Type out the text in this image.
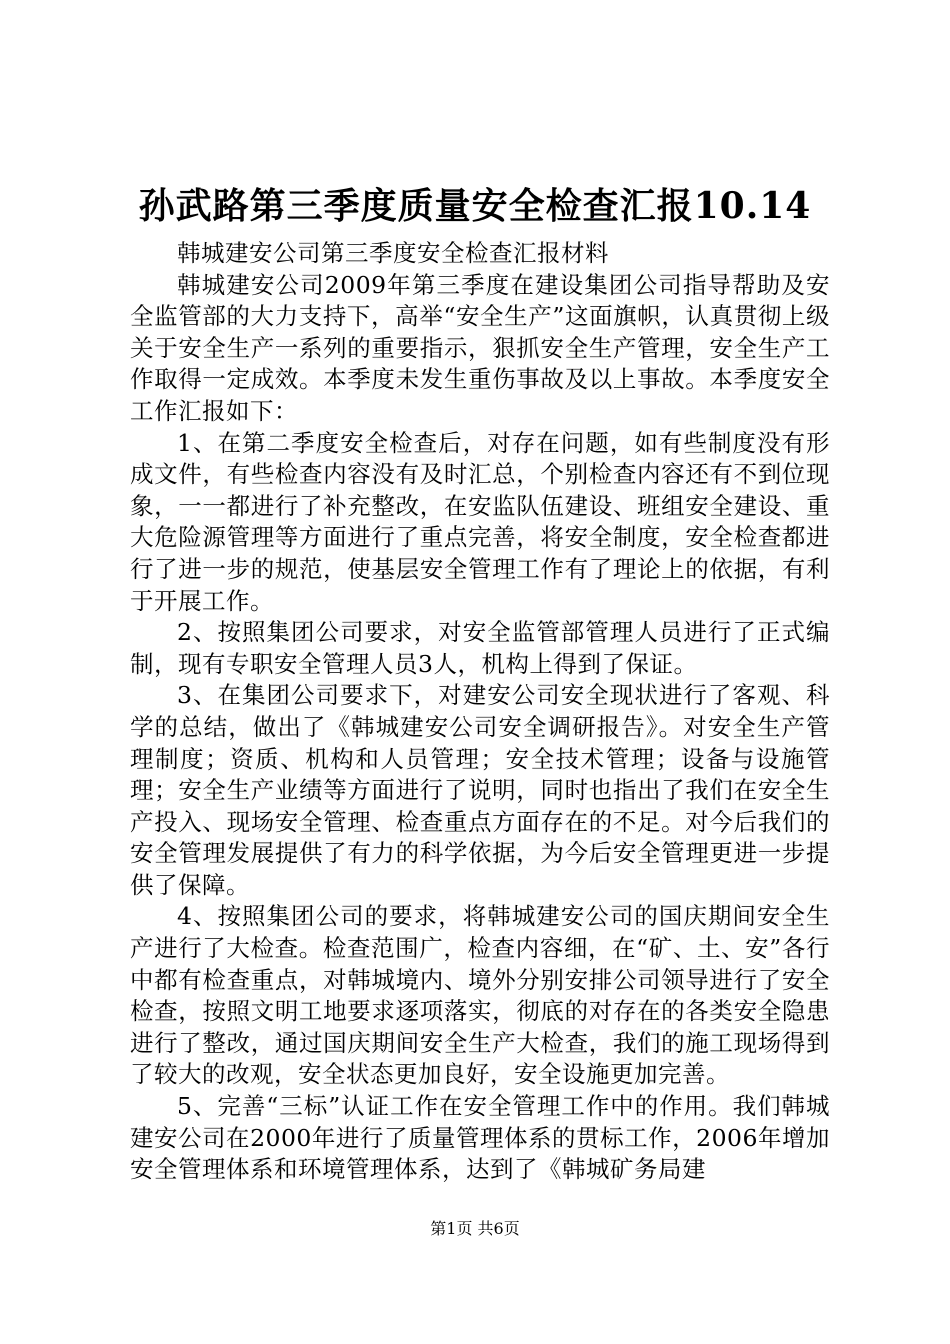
孙武路第三季度质量安全检查汇报10.14

韩城建安公司第三季度安全检查汇报材料

韩城建安公司2009年第三季度在建设集团公司指导帮助及安全监管部的大力支持下，高举“安全生产”这面旗帜，认真贯彻上级关于安全生产一系列的重要指示，狠抓安全生产管理，安全生产工作取得一定成效。本季度未发生重伤事故及以上事故。本季度安全工作汇报如下：

1、在第二季度安全检查后，对存在问题，如有些制度没有形成文件，有些检查内容没有及时汇总，个别检查内容还有不到位现象，一一都进行了补充整改，在安监队伍建设、班组安全建设、重大危险源管理等方面进行了重点完善，将安全制度，安全检查都进行了进一步的规范，使基层安全管理工作有了理论上的依据，有利于开展工作。

2、按照集团公司要求，对安全监管部管理人员进行了正式编制，现有专职安全管理人员3人，机构上得到了保证。

3、在集团公司要求下，对建安公司安全现状进行了客观、科学的总结，做出了《韩城建安公司安全调研报告》。对安全生产管理制度；资质、机构和人员管理；安全技术管理；设备与设施管理；安全生产业绩等方面进行了说明，同时也指出了我们在安全生产投入、现场安全管理、检查重点方面存在的不足。对今后我们的安全管理发展提供了有力的科学依据，为今后安全管理更进一步提供了保障。

4、按照集团公司的要求，将韩城建安公司的国庆期间安全生产进行了大检查。检查范围广，检查内容细，在“矿、土、安”各行中都有检查重点，对韩城境内、境外分别安排公司领导进行了安全检查，按照文明工地要求逐项落实，彻底的对存在的各类安全隐患进行了整改，通过国庆期间安全生产大检查，我们的施工现场得到了较大的改观，安全状态更加良好，安全设施更加完善。

5、完善“三标”认证工作在安全管理工作中的作用。我们韩城建安公司在2000年进行了质量管理体系的贯标工作，2006年增加安全管理体系和环境管理体系，达到了《韩城矿务局建

第1页 共6页
